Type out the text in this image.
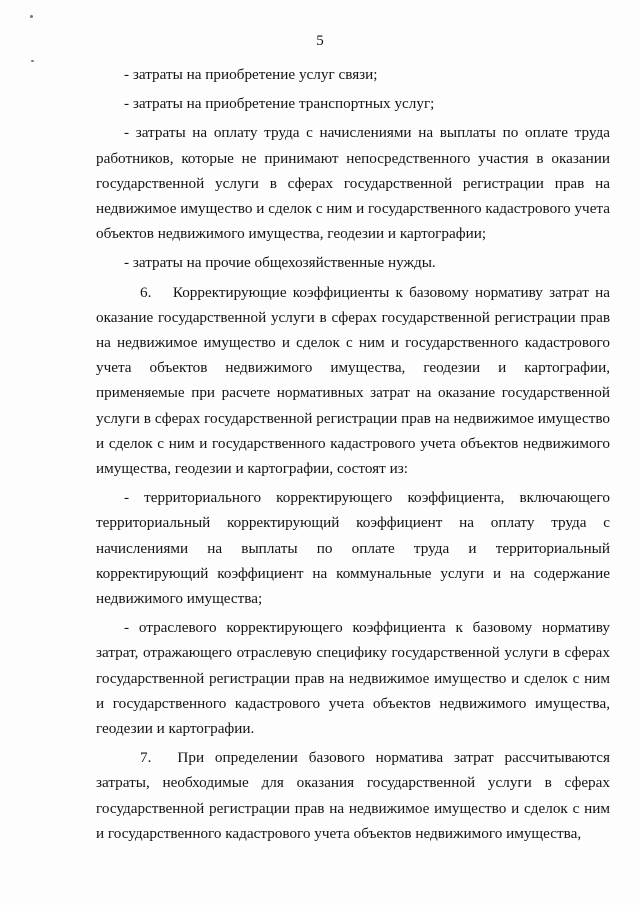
5

- затраты на приобретение услуг связи;

- затраты на приобретение транспортных услуг;

- затраты на оплату труда с начислениями на выплаты по оплате труда работников, которые не принимают непосредственного участия в оказании государственной услуги в сферах государственной регистрации прав на недвижимое имущество и сделок с ним и государственного кадастрового учета объектов недвижимого имущества, геодезии и картографии;

- затраты на прочие общехозяйственные нужды.

6.  Корректирующие коэффициенты к базовому нормативу затрат на оказание государственной услуги в сферах государственной регистрации прав на недвижимое имущество и сделок с ним и государственного кадастрового учета объектов недвижимого имущества, геодезии и картографии, применяемые при расчете нормативных затрат на оказание государственной услуги в сферах государственной регистрации прав на недвижимое имущество и сделок с ним и государственного кадастрового учета объектов недвижимого имущества, геодезии и картографии, состоят из:

- территориального корректирующего коэффициента, включающего территориальный корректирующий коэффициент на оплату труда с начислениями на выплаты по оплате труда и территориальный корректирующий коэффициент на коммунальные услуги и на содержание недвижимого имущества;

- отраслевого корректирующего коэффициента к базовому нормативу затрат, отражающего отраслевую специфику государственной услуги в сферах государственной регистрации прав на недвижимое имущество и сделок с ним и государственного кадастрового учета объектов недвижимого имущества, геодезии и картографии.

7.  При определении базового норматива затрат рассчитываются затраты, необходимые для оказания государственной услуги в сферах государственной регистрации прав на недвижимое имущество и сделок с ним и государственного кадастрового учета объектов недвижимого имущества,
